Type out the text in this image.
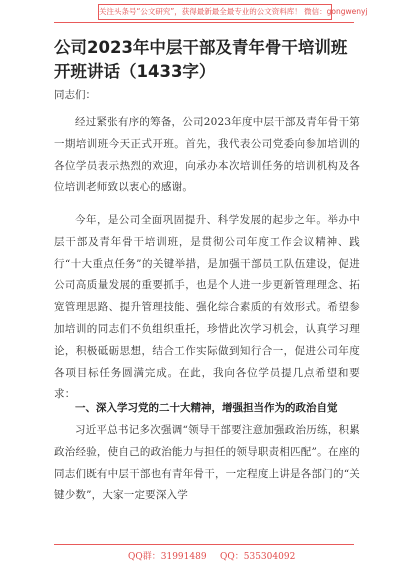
关注头条号“公文研究”，获得最新最全最专业的公文资料库！ 微信：gongwenyj
公司2023年中层干部及青年骨干培训班开班讲话（1433字）
同志们：

经过紧张有序的筹备，公司2023年度中层干部及青年骨干第一期培训班今天正式开班。首先，我代表公司党委向参加培训的各位学员表示热烈的欢迎，向承办本次培训任务的培训机构及各位培训老师致以衷心的感谢。

今年，是公司全面巩固提升、科学发展的起步之年。举办中层干部及青年骨干培训班，是贯彻公司年度工作会议精神、践行“十大重点任务”的关键举措，是加强干部员工队伍建设，促进公司高质量发展的重要抓手，也是个人进一步更新管理理念、拓宽管理思路、提升管理技能、强化综合素质的有效形式。希望参加培训的同志们不负组织重托，珍惜此次学习机会，认真学习理论，积极砥砺思想，结合工作实际做到知行合一，促进公司年度各项目标任务圆满完成。在此，我向各位学员提几点希望和要求：

一、深入学习党的二十大精神，增强担当作为的政治自觉

习近平总书记多次强调“领导干部要注意加强政治历练，积累政治经验，使自己的政治能力与担任的领导职责相匹配”。在座的同志们既有中层干部也有青年骨干，一定程度上讲是各部门的“关键少数”，大家一定要深入学

QQ群：31991489 QQ：535304092
